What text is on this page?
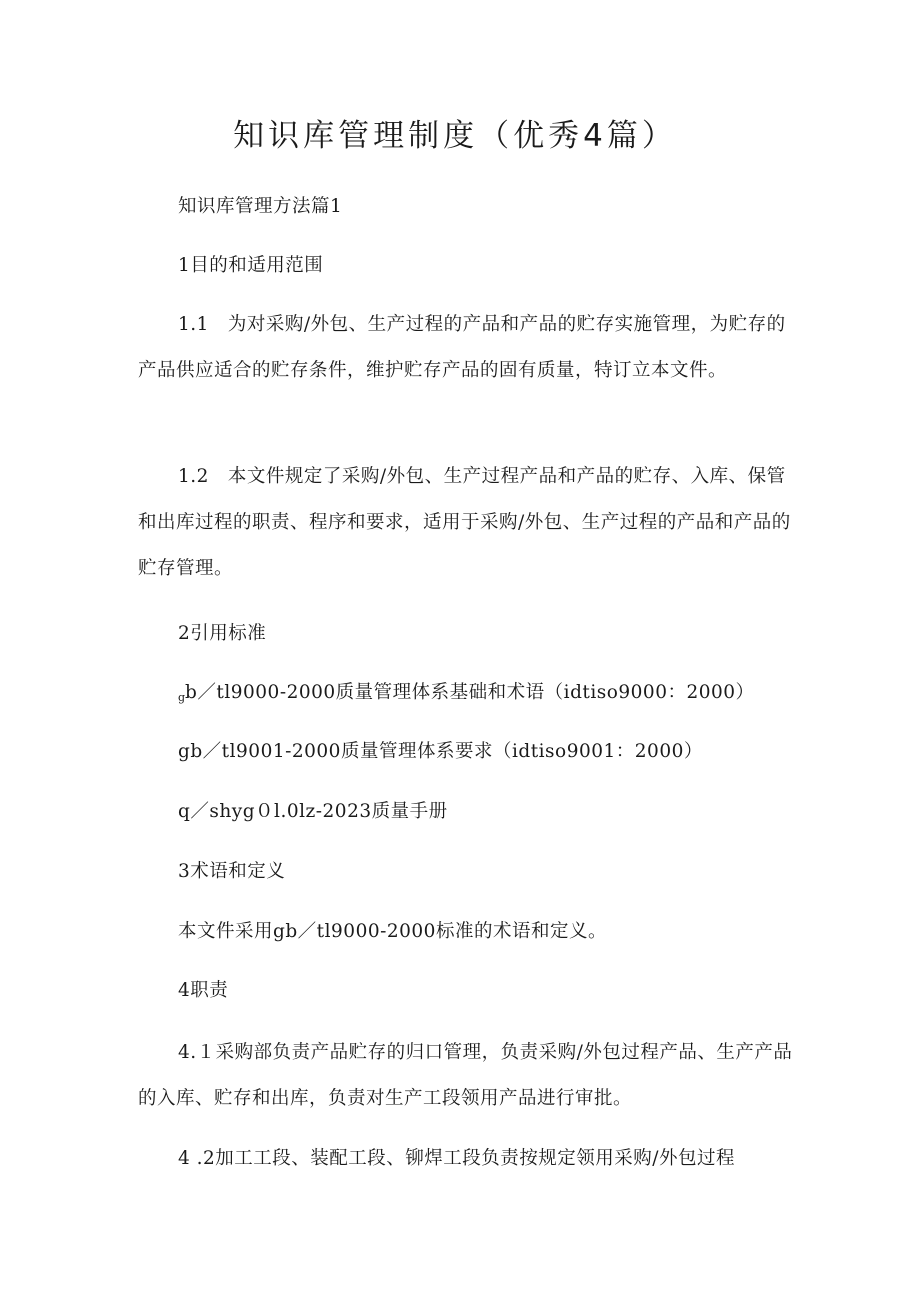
知识库管理制度（优秀4篇）

知识库管理方法篇1

1目的和适用范围

1.1　为对采购/外包、生产过程的产品和产品的贮存实施管理，为贮存的产品供应适合的贮存条件，维护贮存产品的固有质量，特订立本文件。

1.2　本文件规定了采购/外包、生产过程产品和产品的贮存、入库、保管和出库过程的职责、程序和要求，适用于采购/外包、生产过程的产品和产品的贮存管理。

2引用标准

gb／tl9000-2000质量管理体系基础和术语（idtiso9000：2000）

gb／tl9001-2000质量管理体系要求（idtiso9001：2000）

q／shyg０l.0lz-2023质量手册

3术语和定义

本文件采用gb／tl9000-2000标准的术语和定义。

4职责

4.１采购部负责产品贮存的归口管理，负责采购/外包过程产品、生产产品的入库、贮存和出库，负责对生产工段领用产品进行审批。

4 .2加工工段、装配工段、铆焊工段负责按规定领用采购/外包过程
